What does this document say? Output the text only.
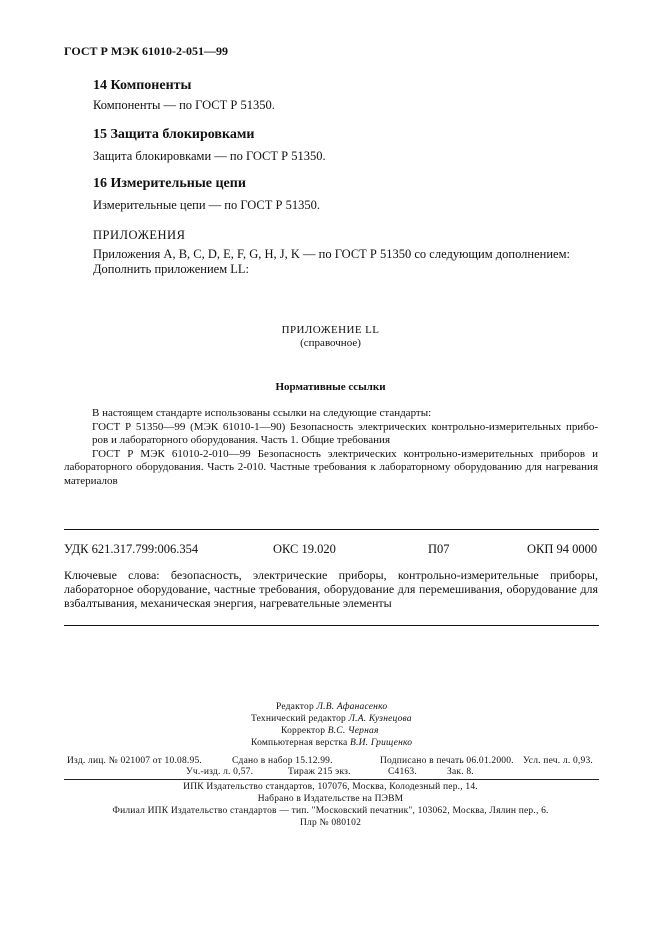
ГОСТ Р МЭК 61010-2-051—99
14 Компоненты
Компоненты — по ГОСТ Р 51350.
15 Защита блокировками
Защита блокировками — по ГОСТ Р 51350.
16 Измерительные цепи
Измерительные цепи — по ГОСТ Р 51350.
ПРИЛОЖЕНИЯ
Приложения A, B, C, D, E, F, G, H, J, K — по ГОСТ Р 51350 со следующим дополнением:
Дополнить приложением LL:
ПРИЛОЖЕНИЕ LL
(справочное)
Нормативные ссылки
В настоящем стандарте использованы ссылки на следующие стандарты:
ГОСТ Р 51350—99 (МЭК 61010-1—90) Безопасность электрических контрольно-измерительных прибо-
ров и лабораторного оборудования. Часть 1. Общие требования
ГОСТ Р МЭК 61010-2-010—99 Безопасность электрических контрольно-измерительных приборов и
лабораторного оборудования. Часть 2-010. Частные требования к лабораторному оборудованию для нагревания
материалов
УДК 621.317.799:006.354	ОКС 19.020	П07	ОКП 94 0000
Ключевые слова: безопасность, электрические приборы, контрольно-измерительные приборы, лабораторное оборудование, частные требования, оборудование для перемешивания, оборудование для взбалтывания, механическая энергия, нагревательные элементы
Редактор Л.В. Афанасенко
Технический редактор Л.А. Кузнецова
Корректор В.С. Черная
Компьютерная верстка В.И. Грищенко
Изд. лиц. № 021007 от 10.08.95.	Сдано в набор 15.12.99.	Подписано в печать 06.01.2000. Усл. печ. л. 0,93.
Уч.-изд. л. 0,57.	Тираж 215 экз.	С4163.	Зак. 8.
ИПК Издательство стандартов, 107076, Москва, Колодезный пер., 14.
Набрано в Издательстве на ПЭВМ
Филиал ИПК Издательство стандартов — тип. "Московский печатник", 103062, Москва, Лялин пер., 6.
Плр № 080102
